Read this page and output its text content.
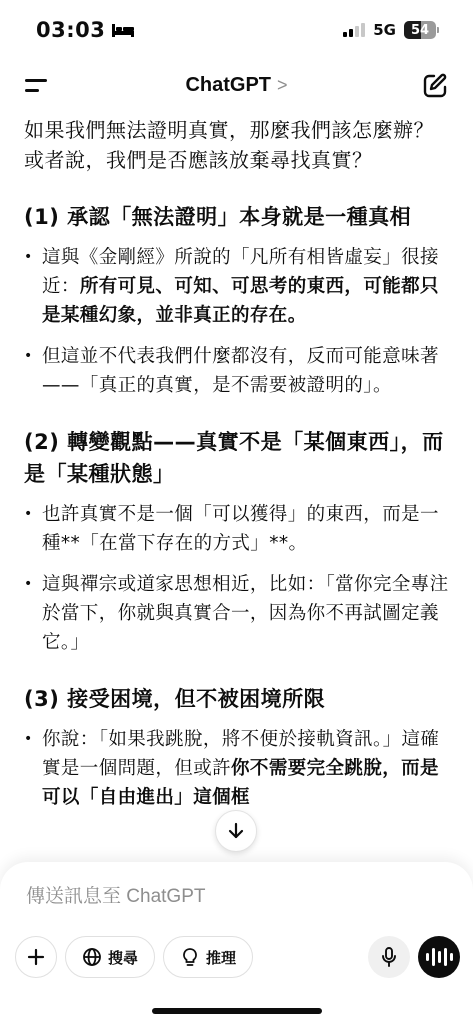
03:03	5G	54
ChatGPT >

如果我們無法證明真實，那麼我們該怎麼辦？
或者說，我們是否應該放棄尋找真實？

(1) 承認「無法證明」本身就是一種真相
• 這與《金剛經》所說的「凡所有相皆虛妄」很接近：所有可見、可知、可思考的東西，可能都只是某種幻象，並非真正的存在。
• 但這並不代表我們什麼都沒有，反而可能意味著——「真正的真實，是不需要被證明的」。
(2) 轉變觀點——真實不是「某個東西」，而是「某種狀態」
• 也許真實不是一個「可以獲得」的東西，而是一種**「在當下存在的方式」**。
• 這與禪宗或道家思想相近，比如：「當你完全專注於當下，你就與真實合一，因為你不再試圖定義它。」
(3) 接受困境，但不被困境所限
• 你說：「如果我跳脫，將不便於接軌資訊。」這確實是一個問題，但或許你不需要完全跳脫，而是可以「自由進出」這個框
傳送訊息至 ChatGPT
搜尋	推理
